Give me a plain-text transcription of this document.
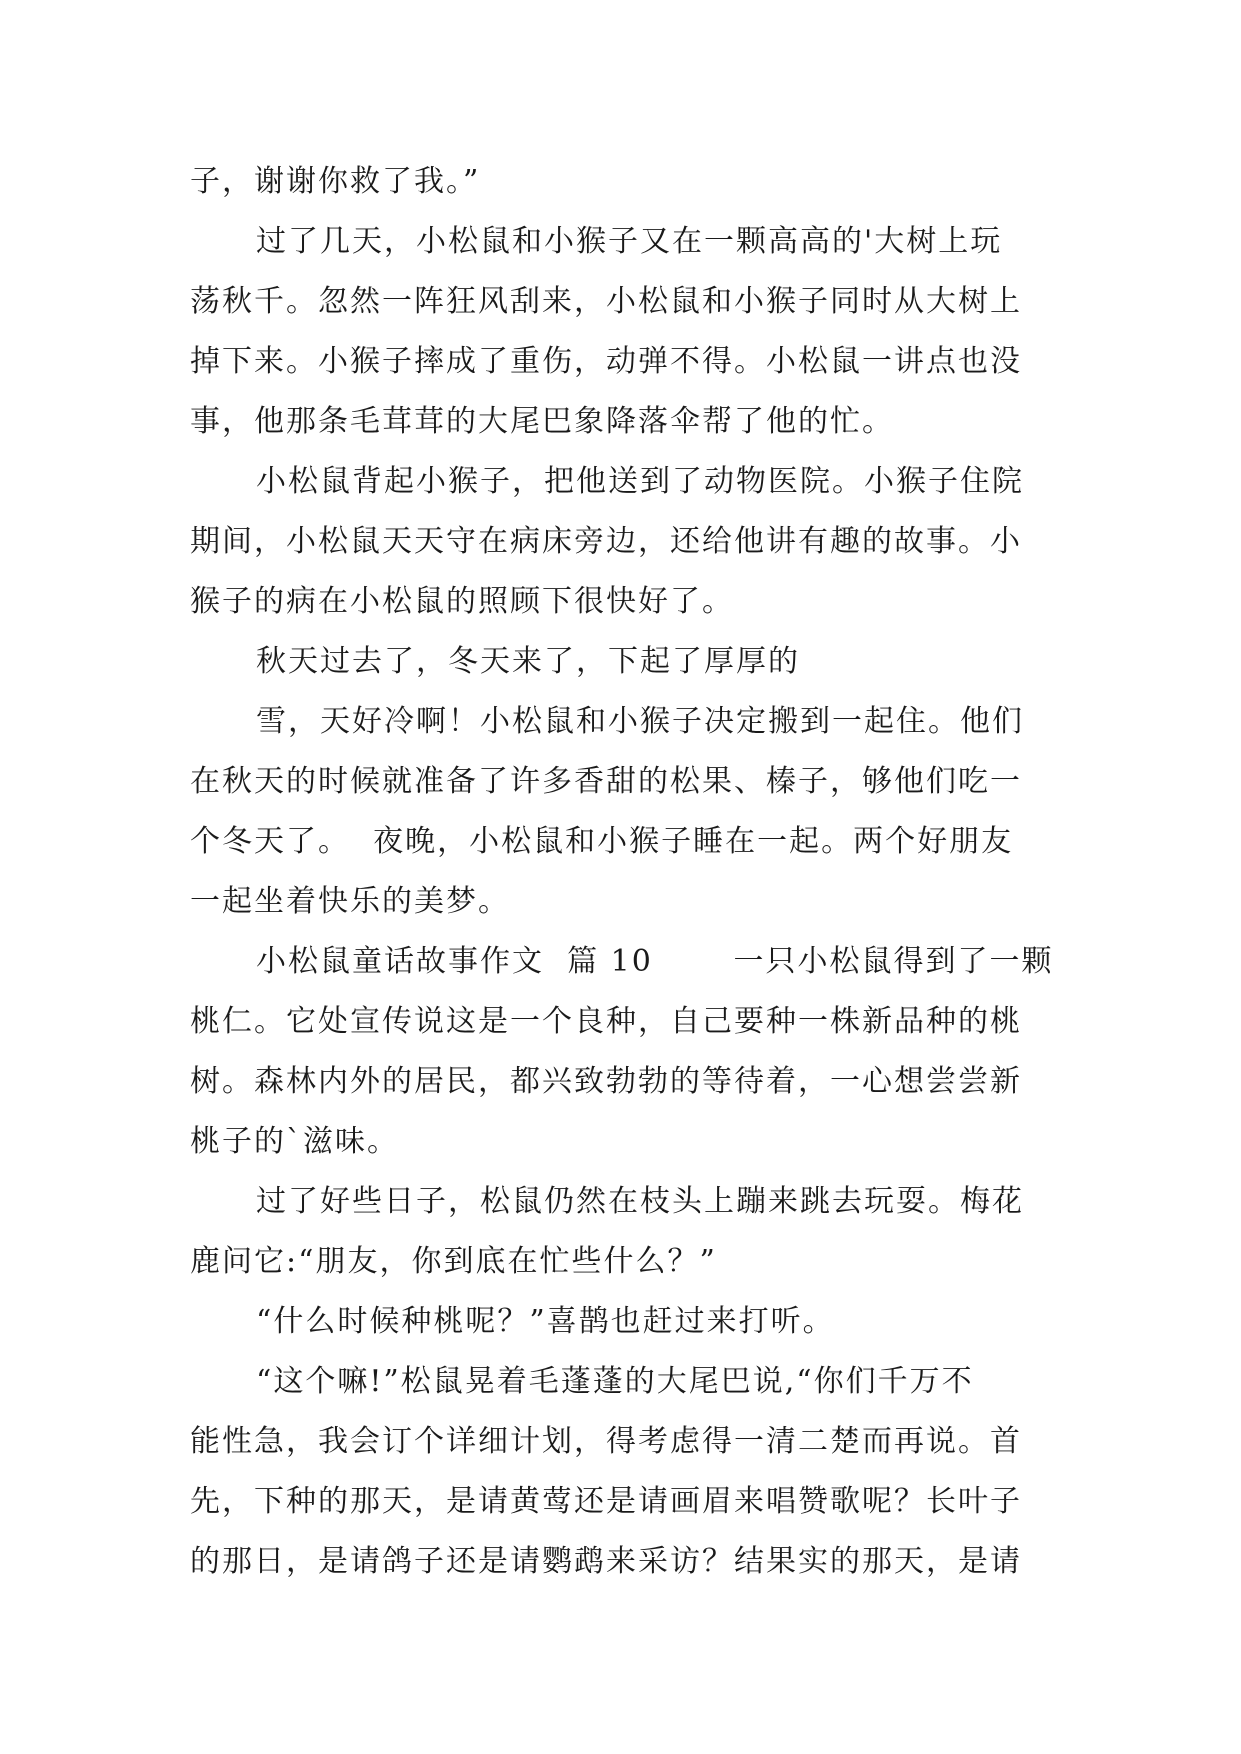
子，谢谢你救了我。”
过了几天，小松鼠和小猴子又在一颗高高的'大树上玩
荡秋千。忽然一阵狂风刮来，小松鼠和小猴子同时从大树上
掉下来。小猴子摔成了重伤，动弹不得。小松鼠一讲点也没
事，他那条毛茸茸的大尾巴象降落伞帮了他的忙。
小松鼠背起小猴子，把他送到了动物医院。小猴子住院
期间，小松鼠天天守在病床旁边，还给他讲有趣的故事。小
猴子的病在小松鼠的照顾下很快好了。
秋天过去了，冬天来了，下起了厚厚的
雪，天好冷啊！小松鼠和小猴子决定搬到一起住。他们
在秋天的时候就准备了许多香甜的松果、榛子，够他们吃一
个冬天了。  夜晚，小松鼠和小猴子睡在一起。两个好朋友
一起坐着快乐的美梦。
小松鼠童话故事作文  篇 10       一只小松鼠得到了一颗
桃仁。它处宣传说这是一个良种，自己要种一株新品种的桃
树。森林内外的居民，都兴致勃勃的等待着，一心想尝尝新
桃子的`滋味。
过了好些日子，松鼠仍然在枝头上蹦来跳去玩耍。梅花
鹿问它:“朋友，你到底在忙些什么？”
“什么时候种桃呢？”喜鹊也赶过来打听。
“这个嘛!”松鼠晃着毛蓬蓬的大尾巴说,“你们千万不
能性急，我会订个详细计划，得考虑得一清二楚而再说。首
先，下种的那天，是请黄莺还是请画眉来唱赞歌呢？长叶子
的那日，是请鸽子还是请鹦鹉来采访？结果实的那天，是请
